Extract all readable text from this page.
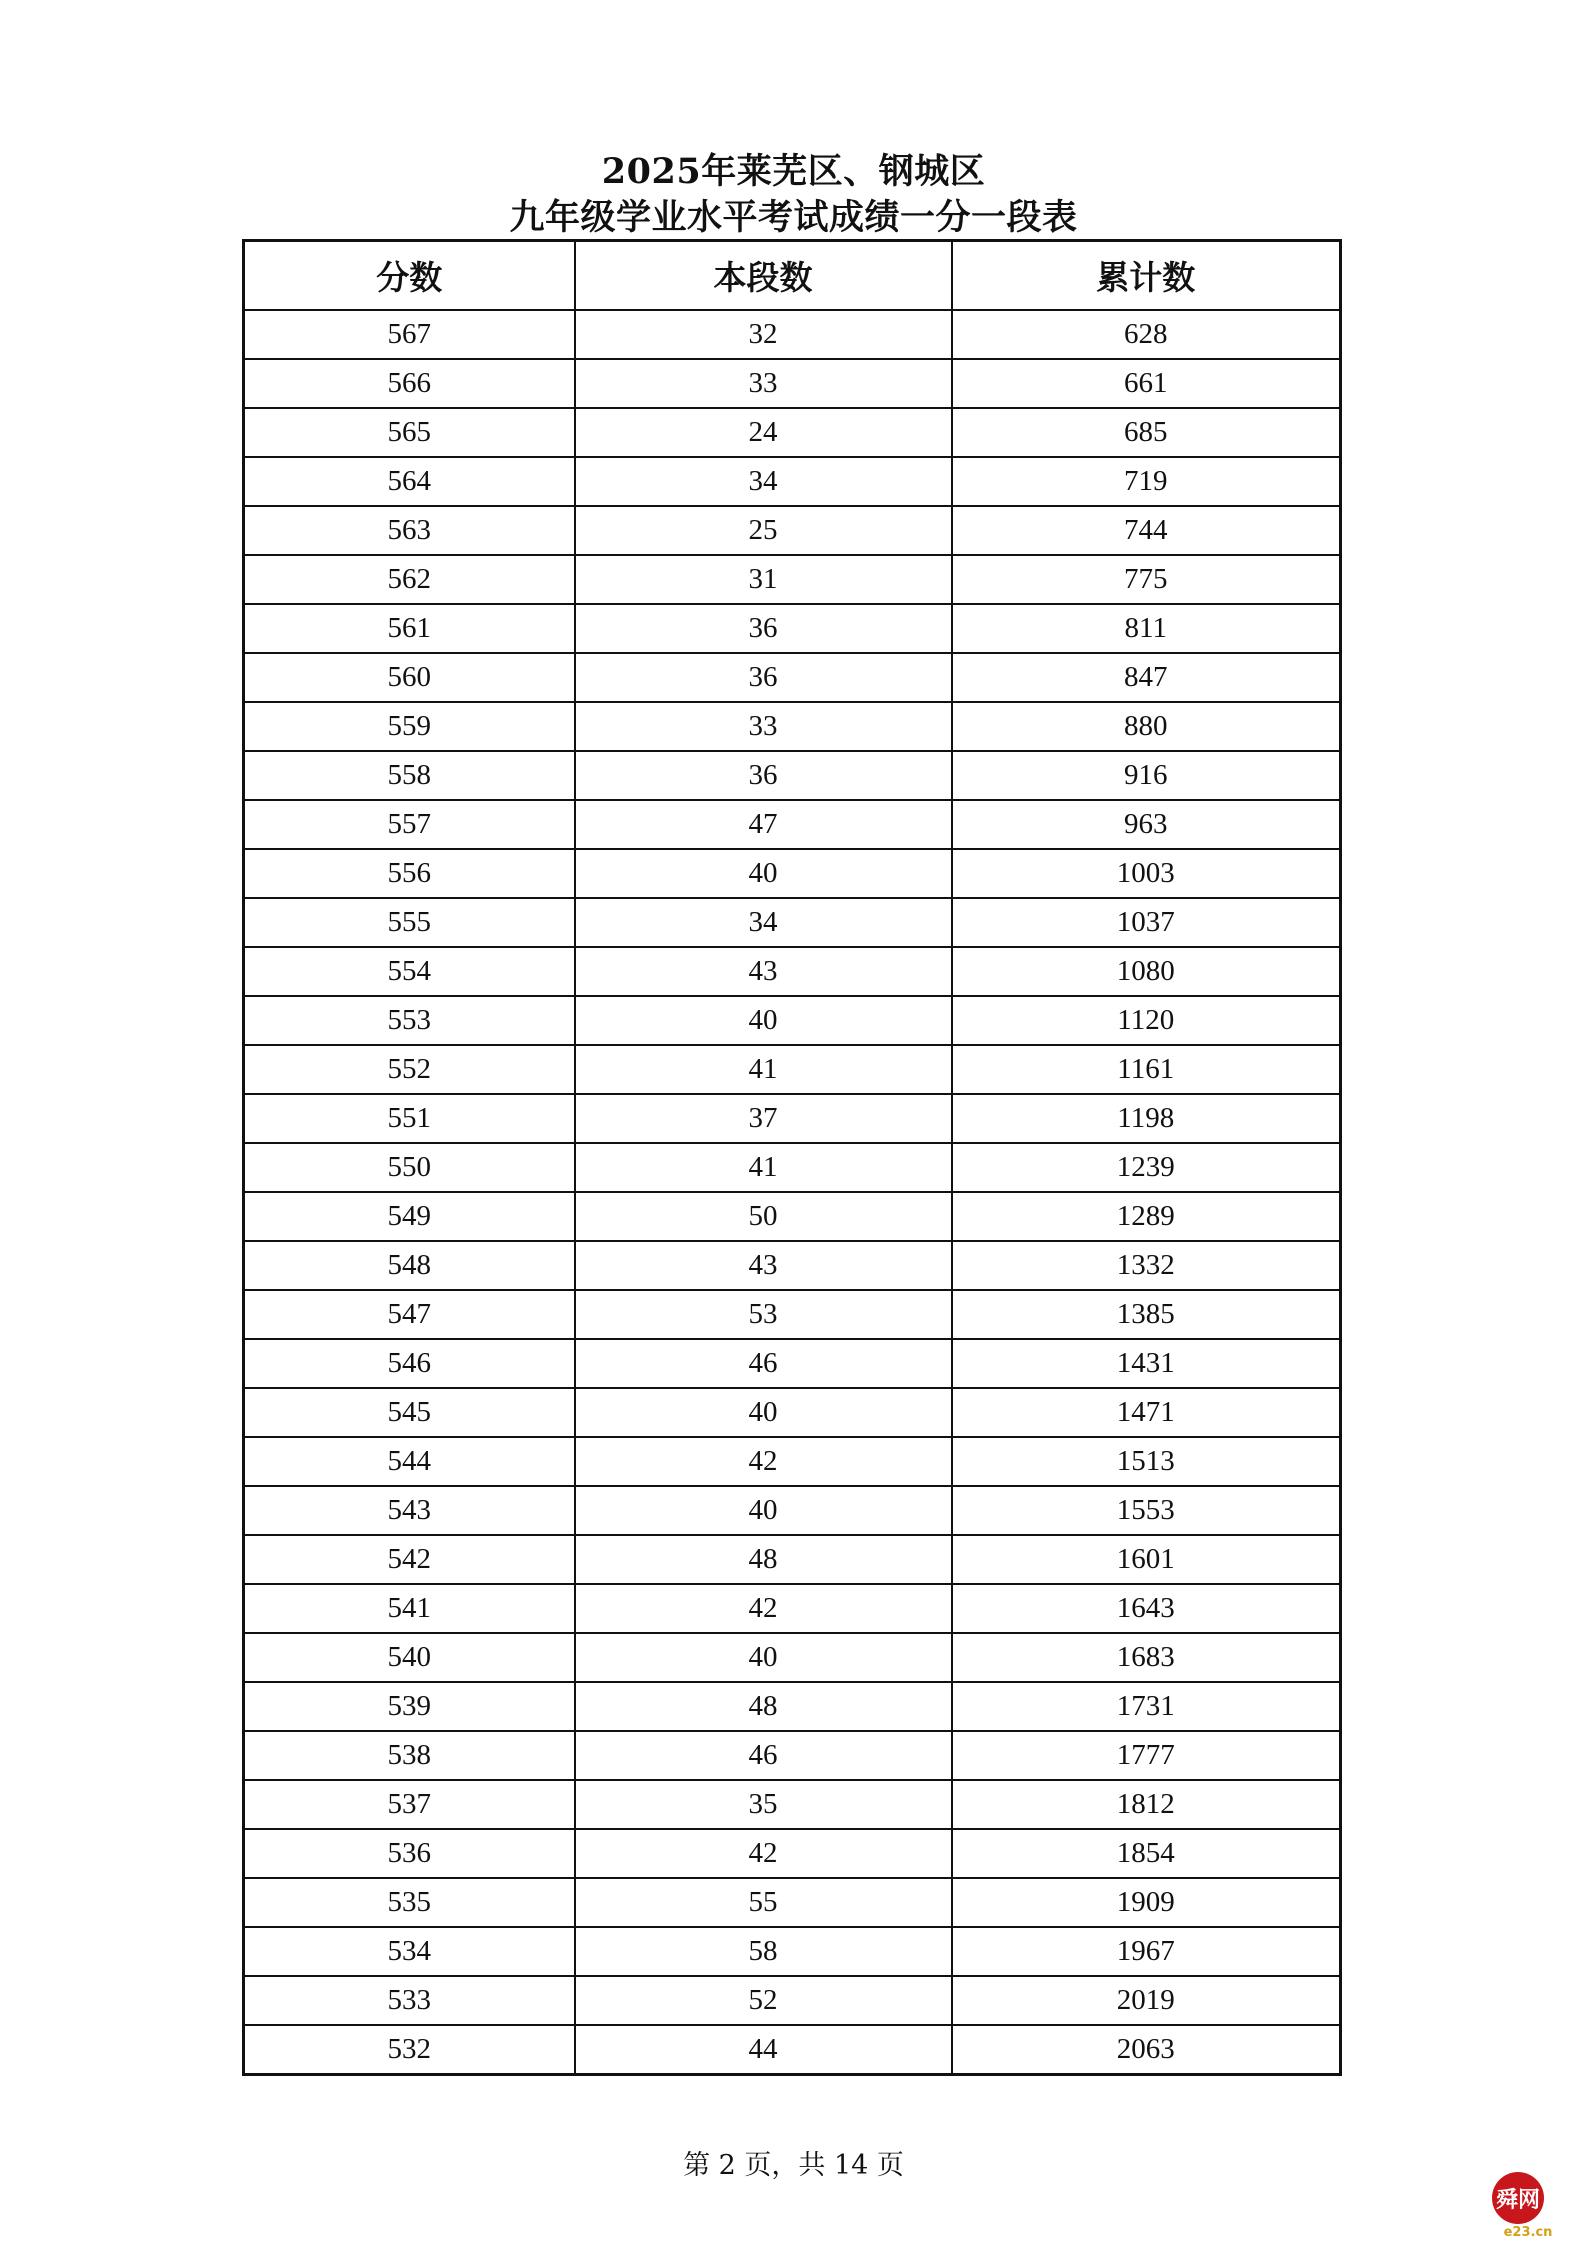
2025年莱芜区、钢城区
九年级学业水平考试成绩一分一段表
分数	本段数	累计数
567	32	628
566	33	661
565	24	685
564	34	719
563	25	744
562	31	775
561	36	811
560	36	847
559	33	880
558	36	916
557	47	963
556	40	1003
555	34	1037
554	43	1080
553	40	1120
552	41	1161
551	37	1198
550	41	1239
549	50	1289
548	43	1332
547	53	1385
546	46	1431
545	40	1471
544	42	1513
543	40	1553
542	48	1601
541	42	1643
540	40	1683
539	48	1731
538	46	1777
537	35	1812
536	42	1854
535	55	1909
534	58	1967
533	52	2019
532	44	2063
第 2 页，共 14 页
舜网
e23.cn
